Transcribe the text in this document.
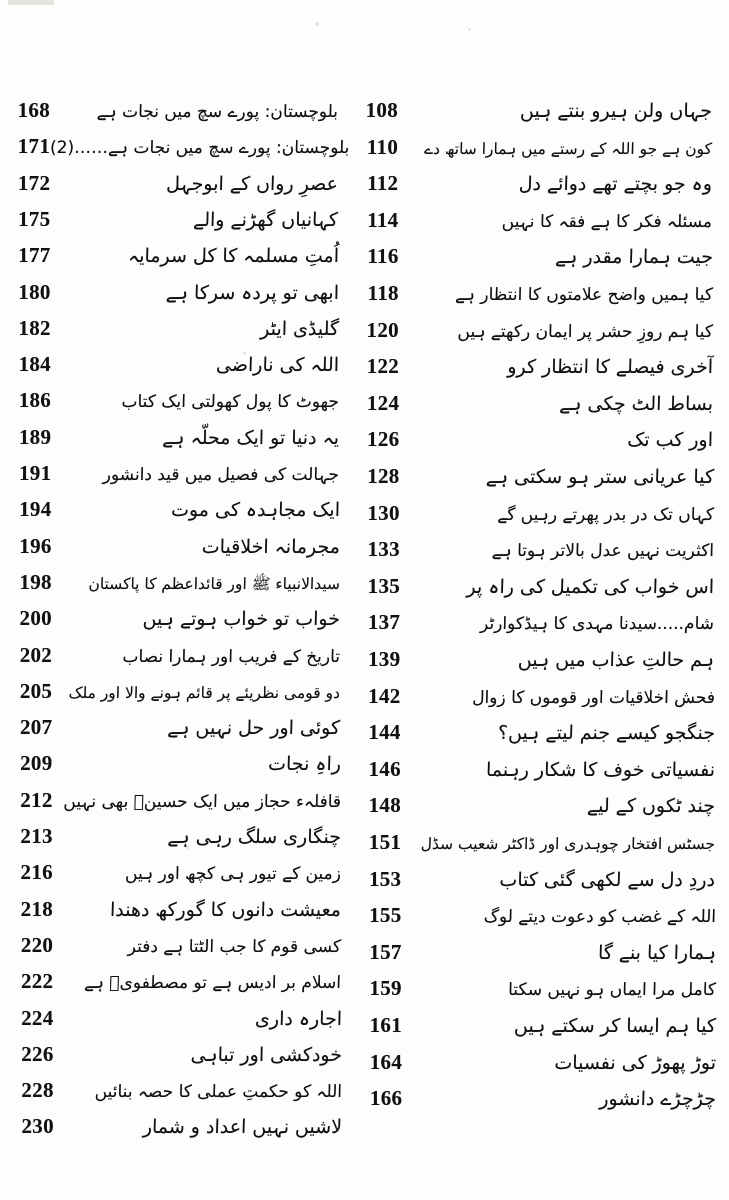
168	بلوچستان: پورے سچ میں نجات ہے
171 بلوچستان: پورے سچ میں نجات ہے……(2)
172	عصرِ رواں کے ابوجہل
175	کہانیاں گھڑنے والے
177	اُمتِ مسلمہ کا کل سرمایہ
180	ابھی تو پردہ سرکا ہے
182	گلیڈی ایٹر
184	اللہ کی ناراضی
186	جھوٹ کا پول کھولتی ایک کتاب
189	یہ دنیا تو ایک محلّہ ہے
191	جہالت کی فصیل میں قید دانشور
194	ایک مجاہدہ کی موت
196	مجرمانہ اخلاقیات
198	سیدالانبیاء ﷺ اور قائداعظم کا پاکستان
200	خواب تو خواب ہوتے ہیں
202	تاریخ کے فریب اور ہمارا نصاب
205	دو قومی نظریئے پر قائم ہونے والا اور ملک
207	کوئی اور حل نہیں ہے
209	راہِ نجات
212 قافلہء حجاز میں ایک حسینؓ بھی نہیں
213	چنگاری سلگ رہی ہے
216	زمین کے تیور ہی کچھ اور ہیں
218	معیشت دانوں کا گورکھ دھندا
220	کسی قوم کا جب الٹتا ہے دفتر
222	اسلام بر ادیس ہے تو مصطفویؐ ہے
224	اجارہ داری
226	خودکشی اور تباہی
228	اللہ کو حکمتِ عملی کا حصہ بنائیں
230	لاشیں نہیں اعداد و شمار
108	جہاں ولن ہیرو بنتے ہیں
110	کون ہے جو اللہ کے رستے میں ہمارا ساتھ دے
112	وہ جو بچتے تھے دوائے دل
114	مسئلہ فکر کا ہے فقہ کا نہیں
116	جیت ہمارا مقدر ہے
118	کیا ہمیں واضح علامتوں کا انتظار ہے
120	کیا ہم روزِ حشر پر ایمان رکھتے ہیں
122	آخری فیصلے کا انتظار کرو
124	بساط الٹ چکی ہے
126	اور کب تک
128	کیا عریانی ستر ہو سکتی ہے
130	کہاں تک در بدر پھرتے رہیں گے
133	اکثریت نہیں عدل بالاتر ہوتا ہے
135	اس خواب کی تکمیل کی راہ پر
137	شام.....سیدنا مہدی کا ہیڈکوارٹر
139	ہم حالتِ عذاب میں ہیں
142	فحش اخلاقیات اور قوموں کا زوال
144	جنگجو کیسے جنم لیتے ہیں؟
146	نفسیاتی خوف کا شکار رہنما
148	چند ٹکوں کے لیے
151	جسٹس افتخار چوہدری اور ڈاکٹر شعیب سڈل
153	دردِ دل سے لکھی گئی کتاب
155	اللہ کے غضب کو دعوت دیتے لوگ
157	ہمارا کیا بنے گا
159	کامل مرا ایماں ہو نہیں سکتا
161	کیا ہم ایسا کر سکتے ہیں
164	توڑ پھوڑ کی نفسیات
166	چڑچڑے دانشور
